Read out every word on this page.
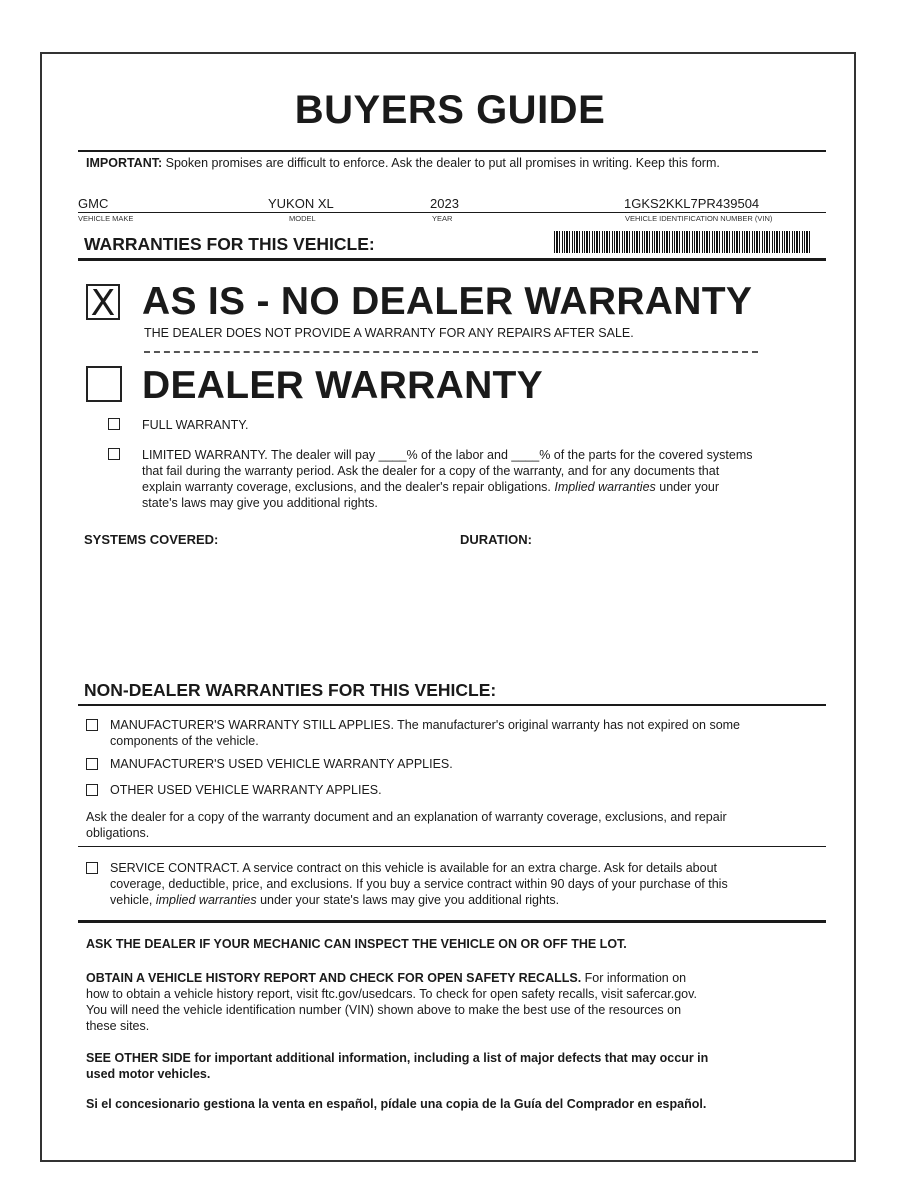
BUYERS GUIDE
IMPORTANT: Spoken promises are difficult to enforce. Ask the dealer to put all promises in writing. Keep this form.
GMC	YUKON XL	2023	1GKS2KKL7PR439504
VEHICLE MAKE	MODEL	YEAR	VEHICLE IDENTIFICATION NUMBER (VIN)
WARRANTIES FOR THIS VEHICLE:
X AS IS - NO DEALER WARRANTY
THE DEALER DOES NOT PROVIDE A WARRANTY FOR ANY REPAIRS AFTER SALE.
DEALER WARRANTY
FULL WARRANTY.
LIMITED WARRANTY. The dealer will pay ____% of the labor and ____% of the parts for the covered systems
that fail during the warranty period. Ask the dealer for a copy of the warranty, and for any documents that
explain warranty coverage, exclusions, and the dealer's repair obligations. Implied warranties under your
state's laws may give you additional rights.
SYSTEMS COVERED:	DURATION:
NON-DEALER WARRANTIES FOR THIS VEHICLE:
MANUFACTURER'S WARRANTY STILL APPLIES. The manufacturer's original warranty has not expired on some
components of the vehicle.
MANUFACTURER'S USED VEHICLE WARRANTY APPLIES.
OTHER USED VEHICLE WARRANTY APPLIES.
Ask the dealer for a copy of the warranty document and an explanation of warranty coverage, exclusions, and repair
obligations.
SERVICE CONTRACT. A service contract on this vehicle is available for an extra charge. Ask for details about
coverage, deductible, price, and exclusions. If you buy a service contract within 90 days of your purchase of this
vehicle, implied warranties under your state's laws may give you additional rights.
ASK THE DEALER IF YOUR MECHANIC CAN INSPECT THE VEHICLE ON OR OFF THE LOT.
OBTAIN A VEHICLE HISTORY REPORT AND CHECK FOR OPEN SAFETY RECALLS. For information on
how to obtain a vehicle history report, visit ftc.gov/usedcars. To check for open safety recalls, visit safercar.gov.
You will need the vehicle identification number (VIN) shown above to make the best use of the resources on
these sites.
SEE OTHER SIDE for important additional information, including a list of major defects that may occur in
used motor vehicles.
Si el concesionario gestiona la venta en español, pídale una copia de la Guía del Comprador en español.
